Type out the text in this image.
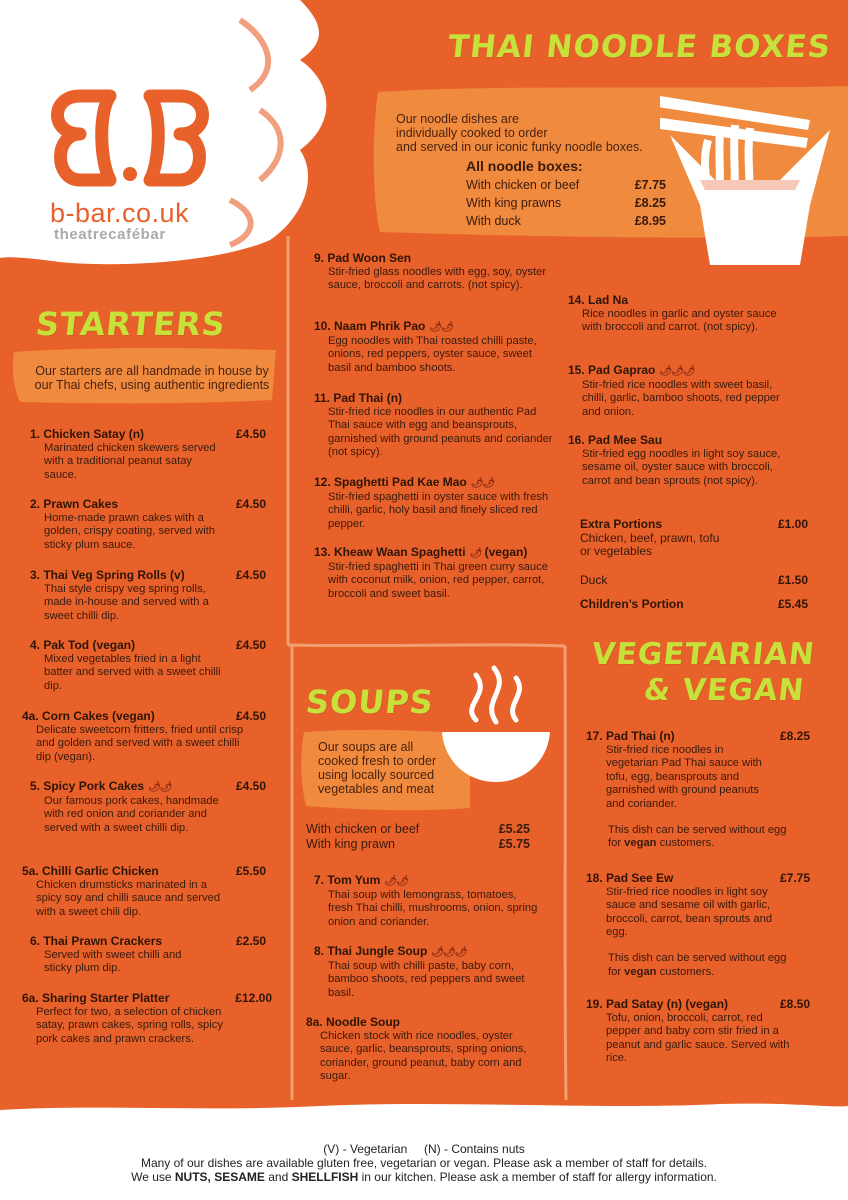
b-bar.co.uk
theatrecafébar
THAI NOODLE BOXES
Our noodle dishes are
individually cooked to order
and served in our iconic funky noodle boxes.
All noodle boxes:
With chicken or beef	£7.75
With king prawns	£8.25
With duck	£8.95
9. Pad Woon Sen
Stir-fried glass noodles with egg, soy, oyster sauce, broccoli and carrots. (not spicy).
10. Naam Phrik Pao 🌶🌶
Egg noodles with Thai roasted chilli paste, onions, red peppers, oyster sauce, sweet basil and bamboo shoots.
11. Pad Thai (n)
Stir-fried rice noodles in our authentic Pad Thai sauce with egg and beansprouts, garnished with ground peanuts and coriander (not spicy).
12. Spaghetti Pad Kae Mao 🌶🌶
Stir-fried spaghetti in oyster sauce with fresh chilli, garlic, holy basil and finely sliced red pepper.
13. Kheaw Waan Spaghetti 🌶 (vegan)
Stir-fried spaghetti in Thai green curry sauce with coconut milk, onion, red pepper, carrot, broccoli and sweet basil.
14. Lad Na
Rice noodles in garlic and oyster sauce with broccoli and carrot. (not spicy).
15. Pad Gaprao 🌶🌶🌶
Stir-fried rice noodles with sweet basil, chilli, garlic, bamboo shoots, red pepper and onion.
16. Pad Mee Sau
Stir-fried egg noodles in light soy sauce, sesame oil, oyster sauce with broccoli, carrot and bean sprouts (not spicy).
Extra Portions	£1.00
Chicken, beef, prawn, tofu or vegetables
Duck	£1.50
Children’s Portion	£5.45
STARTERS
Our starters are all handmade in house by
our Thai chefs, using authentic ingredients
1. Chicken Satay (n)	£4.50
Marinated chicken skewers served with a traditional peanut satay sauce.
2. Prawn Cakes	£4.50
Home-made prawn cakes with a golden, crispy coating, served with sticky plum sauce.
3. Thai Veg Spring Rolls (v)	£4.50
Thai style crispy veg spring rolls, made in-house and served with a sweet chilli dip.
4. Pak Tod (vegan)	£4.50
Mixed vegetables fried in a light batter and served with a sweet chilli dip.
4a. Corn Cakes (vegan)	£4.50
Delicate sweetcorn fritters, fried until crisp and golden and served with a sweet chilli dip (vegan).
5. Spicy Pork Cakes 🌶🌶	£4.50
Our famous pork cakes, handmade with red onion and coriander and served with a sweet chilli dip.
5a. Chilli Garlic Chicken	£5.50
Chicken drumsticks marinated in a spicy soy and chilli sauce and served with a sweet chili dip.
6. Thai Prawn Crackers	£2.50
Served with sweet chilli and sticky plum dip.
6a. Sharing Starter Platter	£12.00
Perfect for two, a selection of chicken satay, prawn cakes, spring rolls, spicy pork cakes and prawn crackers.
SOUPS
Our soups are all
cooked fresh to order
using locally sourced
vegetables and meat
With chicken or beef	£5.25
With king prawn	£5.75
7. Tom Yum 🌶🌶
Thai soup with lemongrass, tomatoes, fresh Thai chilli, mushrooms, onion, spring onion and coriander.
8. Thai Jungle Soup 🌶🌶🌶
Thai soup with chilli paste, baby corn, bamboo shoots, red peppers and sweet basil.
8a. Noodle Soup
Chicken stock with rice noodles, oyster sauce, garlic, beansprouts, spring onions, coriander, ground peanut, baby corn and sugar.
VEGETARIAN
& VEGAN
17. Pad Thai (n)	£8.25
Stir-fried rice noodles in vegetarian Pad Thai sauce with tofu, egg, beansprouts and garnished with ground peanuts and coriander.
This dish can be served without egg for vegan customers.
18. Pad See Ew	£7.75
Stir-fried rice noodles in light soy sauce and sesame oil with garlic, broccoli, carrot, bean sprouts and egg.
This dish can be served without egg for vegan customers.
19. Pad Satay (n) (vegan)	£8.50
Tofu, onion, broccoli, carrot, red pepper and baby corn stir fried in a peanut and garlic sauce. Served with rice.
(V) - Vegetarian (N) - Contains nuts
Many of our dishes are available gluten free, vegetarian or vegan. Please ask a member of staff for details.
We use NUTS, SESAME and SHELLFISH in our kitchen. Please ask a member of staff for allergy information.
